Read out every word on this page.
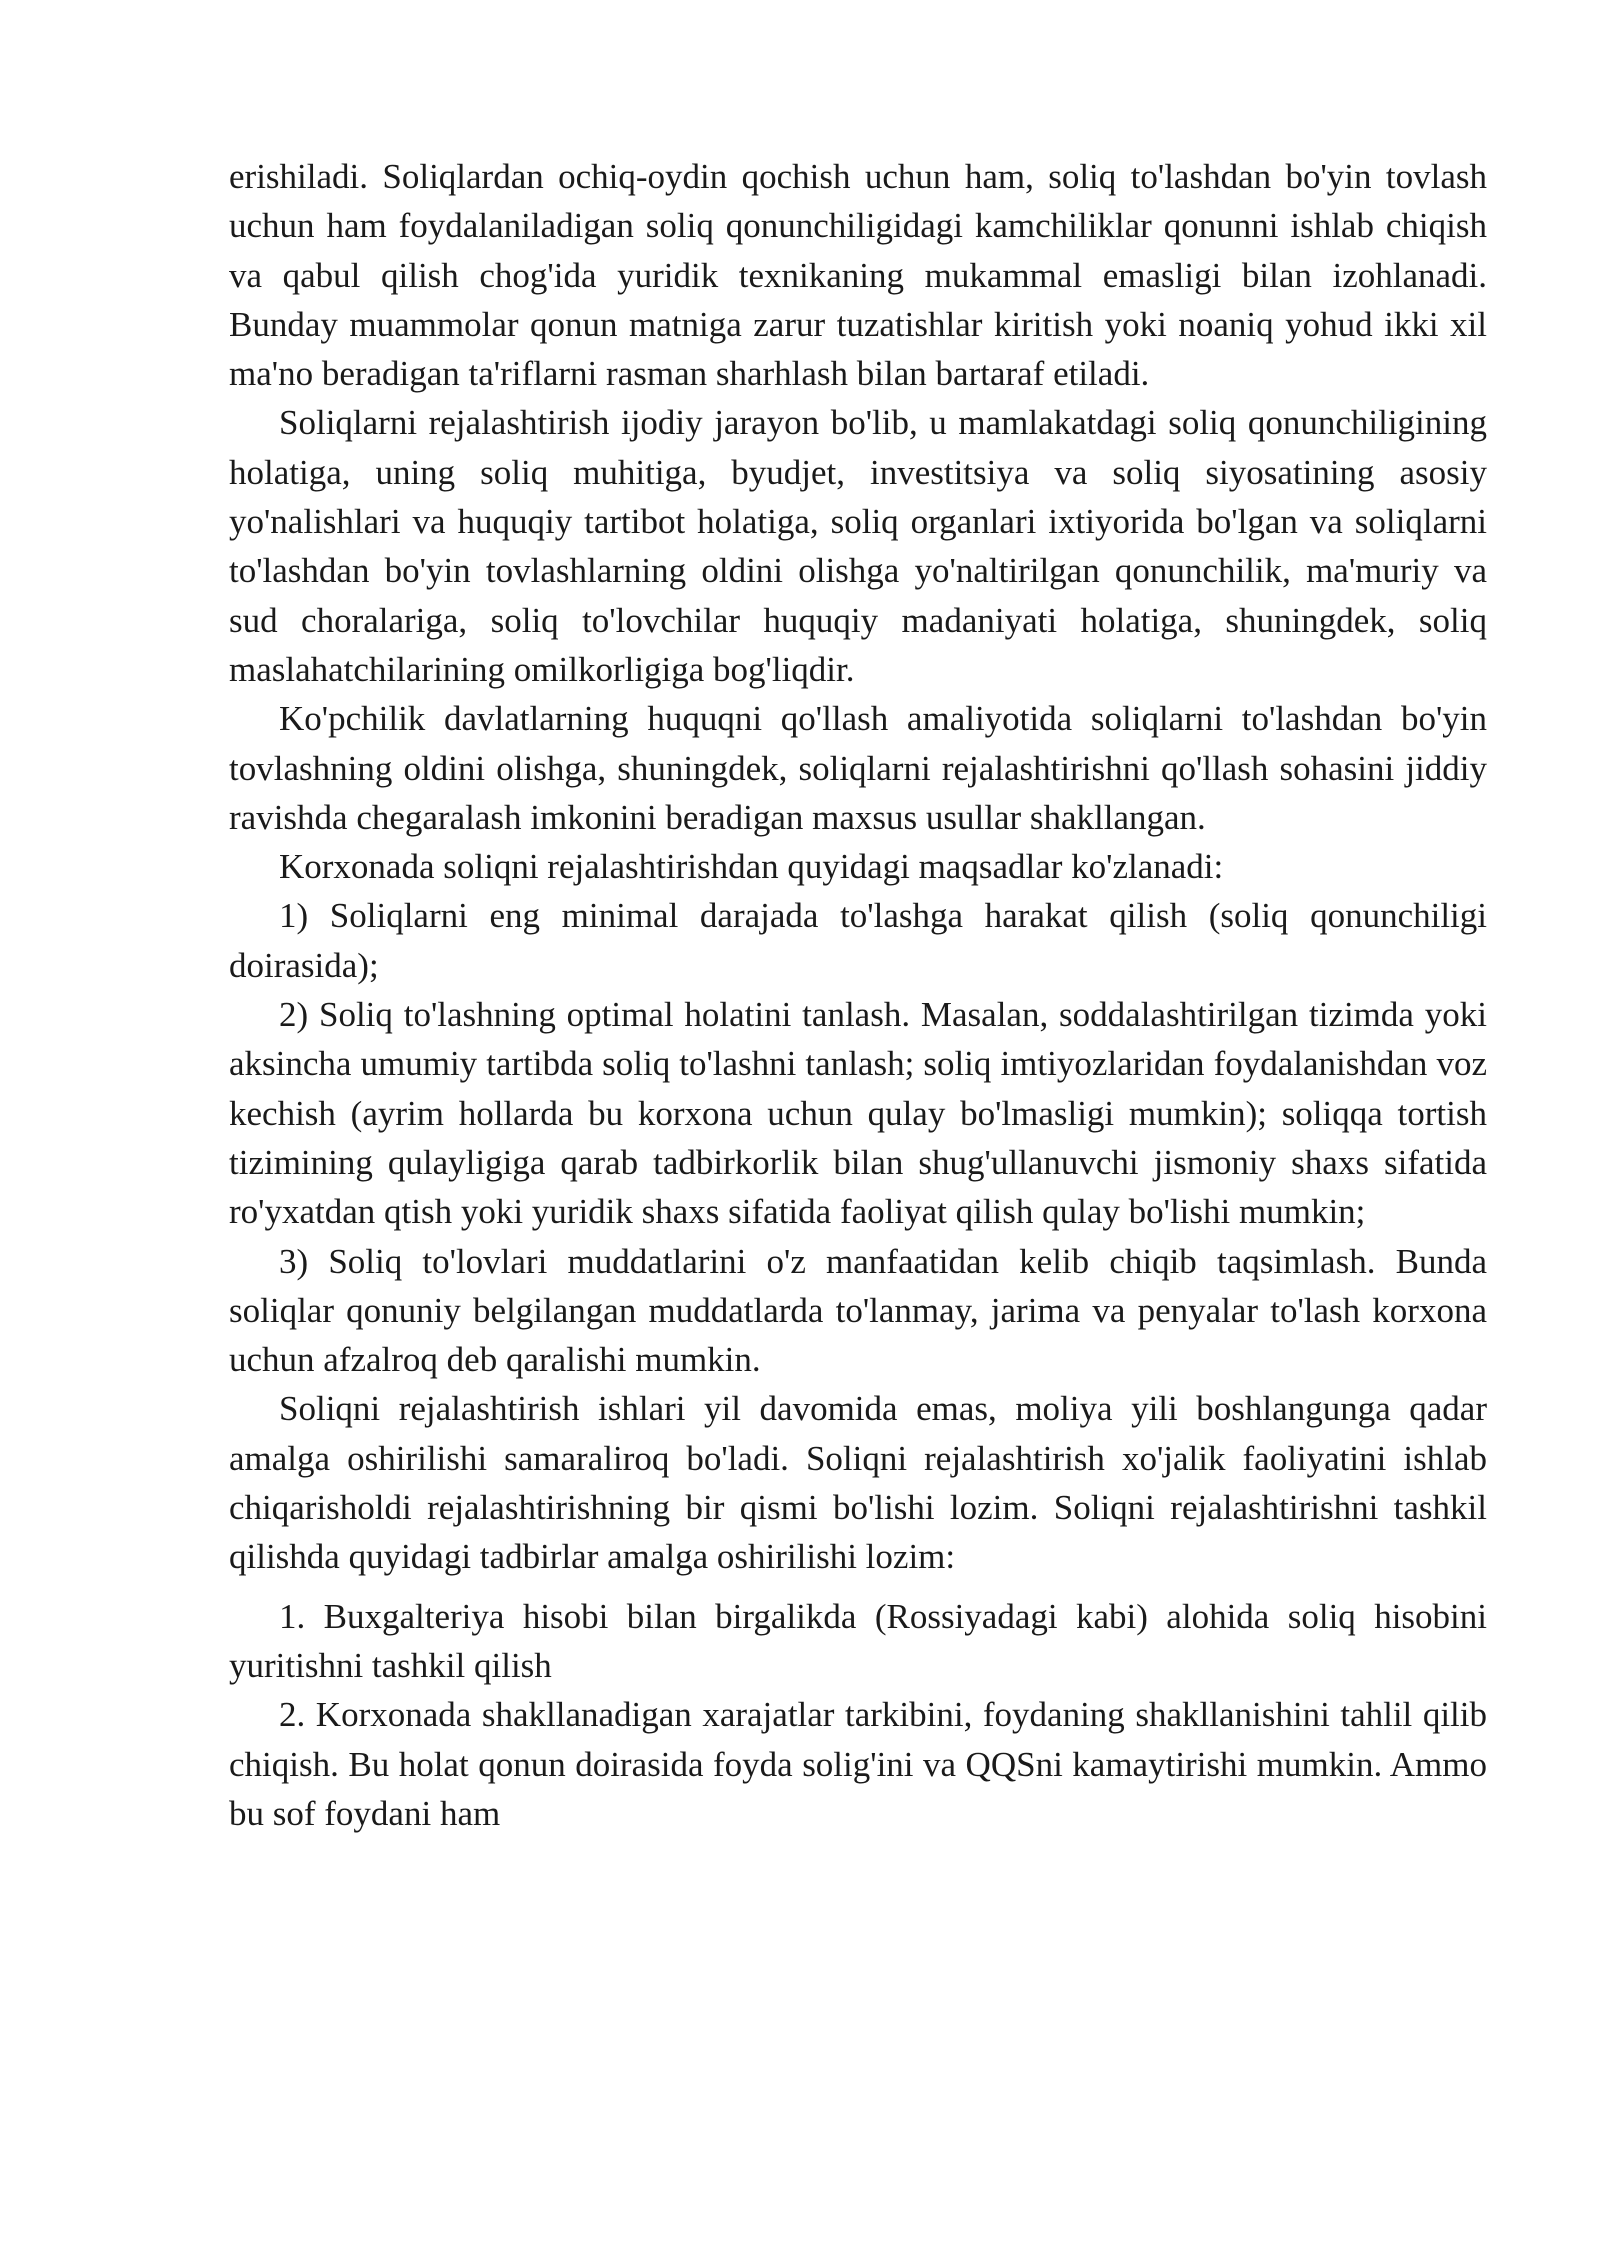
erishiladi. Soliqlardan ochiq-oydin qochish uchun ham, soliq to'lashdan bo'yin tovlash uchun ham foydalaniladigan soliq qonunchiligidagi kamchiliklar qonunni ishlab chiqish va qabul qilish chog'ida yuridik texnikaning mukammal emasligi bilan izohlanadi. Bunday muammolar qonun matniga zarur tuzatishlar kiritish yoki noaniq yohud ikki xil ma'no beradigan ta'riflarni rasman sharhlash bilan bartaraf etiladi.

Soliqlarni rejalashtirish ijodiy jarayon bo'lib, u mamlakatdagi soliq qonunchiligining holatiga, uning soliq muhitiga, byudjet, investitsiya va soliq siyosatining asosiy yo'nalishlari va huquqiy tartibot holatiga, soliq organlari ixtiyorida bo'lgan va soliqlarni to'lashdan bo'yin tovlashlarning oldini olishga yo'naltirilgan qonunchilik, ma'muriy va sud choralariga, soliq to'lovchilar huquqiy madaniyati holatiga, shuningdek, soliq maslahatchilarining omilkorligiga bog'liqdir.

Ko'pchilik davlatlarning huquqni qo'llash amaliyotida soliqlarni to'lashdan bo'yin tovlashning oldini olishga, shuningdek, soliqlarni rejalashtirishni qo'llash sohasini jiddiy ravishda chegaralash imkonini beradigan maxsus usullar shakllangan.

Korxonada soliqni rejalashtirishdan quyidagi maqsadlar ko'zlanadi:

1) Soliqlarni eng minimal darajada to'lashga harakat qilish (soliq qonunchiligi doirasida);

2) Soliq to'lashning optimal holatini tanlash. Masalan, soddalashtirilgan tizimda yoki aksincha umumiy tartibda soliq to'lashni tanlash; soliq imtiyozlaridan foydalanishdan voz kechish (ayrim hollarda bu korxona uchun qulay bo'lmasligi mumkin); soliqqa tortish tizimining qulayligiga qarab tadbirkorlik bilan shug'ullanuvchi jismoniy shaxs sifatida ro'yxatdan qtish yoki yuridik shaxs sifatida faoliyat qilish qulay bo'lishi mumkin;

3) Soliq to'lovlari muddatlarini o'z manfaatidan kelib chiqib taqsimlash. Bunda soliqlar qonuniy belgilangan muddatlarda to'lanmay, jarima va penyalar to'lash korxona uchun afzalroq deb qaralishi mumkin.

Soliqni rejalashtirish ishlari yil davomida emas, moliya yili boshlangunga qadar amalga oshirilishi samaraliroq bo'ladi. Soliqni rejalashtirish xo'jalik faoliyatini ishlab chiqarisholdi rejalashtirishning bir qismi bo'lishi lozim. Soliqni rejalashtirishni tashkil qilishda quyidagi tadbirlar amalga oshirilishi lozim:

1. Buxgalteriya hisobi bilan birgalikda (Rossiyadagi kabi) alohida soliq hisobini yuritishni tashkil qilish

2. Korxonada shakllanadigan xarajatlar tarkibini, foydaning shakllanishini tahlil qilib chiqish. Bu holat qonun doirasida foyda solig'ini va QQSni kamaytirishi mumkin. Ammo bu sof foydani ham
